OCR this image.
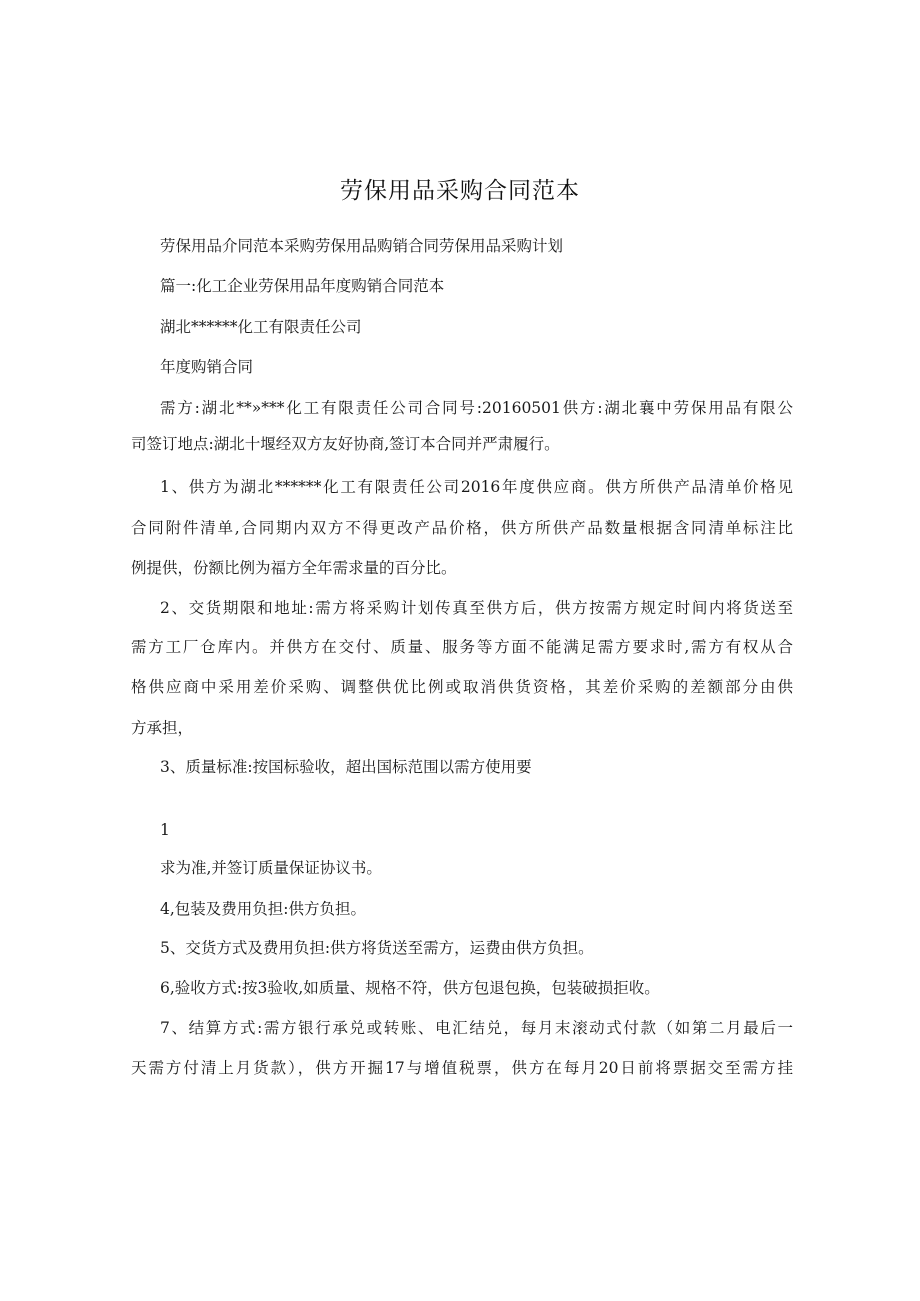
劳保用品采购合同范本

劳保用品介同范本采购劳保用品购销合同劳保用品采购计划

篇一:化工企业劳保用品年度购销合同范本

湖北******化工有限责任公司

年度购销合同

需方:湖北**»***化工有限责任公司合同号:20160501供方:湖北襄中劳保用品有限公

司签订地点:湖北十堰经双方友好协商,签订本合同并严肃履行。

1、供方为湖北******化工有限责任公司2016年度供应商。供方所供产品清单价格见

合同附件清单,合同期内双方不得更改产品价格，供方所供产品数量根据含同清单标注比

例提供，份额比例为福方全年需求量的百分比。

2、交货期限和地址:需方将采购计划传真至供方后，供方按需方规定时间内将货送至

需方工厂仓库内。并供方在交付、质量、服务等方面不能满足需方要求时,需方有权从合

格供应商中采用差价采购、调整供优比例或取消供货资格，其差价采购的差额部分由供

方承担，

3、质量标准:按国标验收，超出国标范围以需方使用要

1

求为准,并签订质量保证协议书。

4,包装及费用负担:供方负担。

5、交货方式及费用负担:供方将货送至需方，运费由供方负担。

6,验收方式:按3验收,如质量、规格不符，供方包退包换，包装破损拒收。

7、结算方式:需方银行承兑或转账、电汇结兑，每月末滚动式付款（如第二月最后一

天需方付清上月货款），供方开掘17与增值税票，供方在每月20日前将票据交至需方挂
